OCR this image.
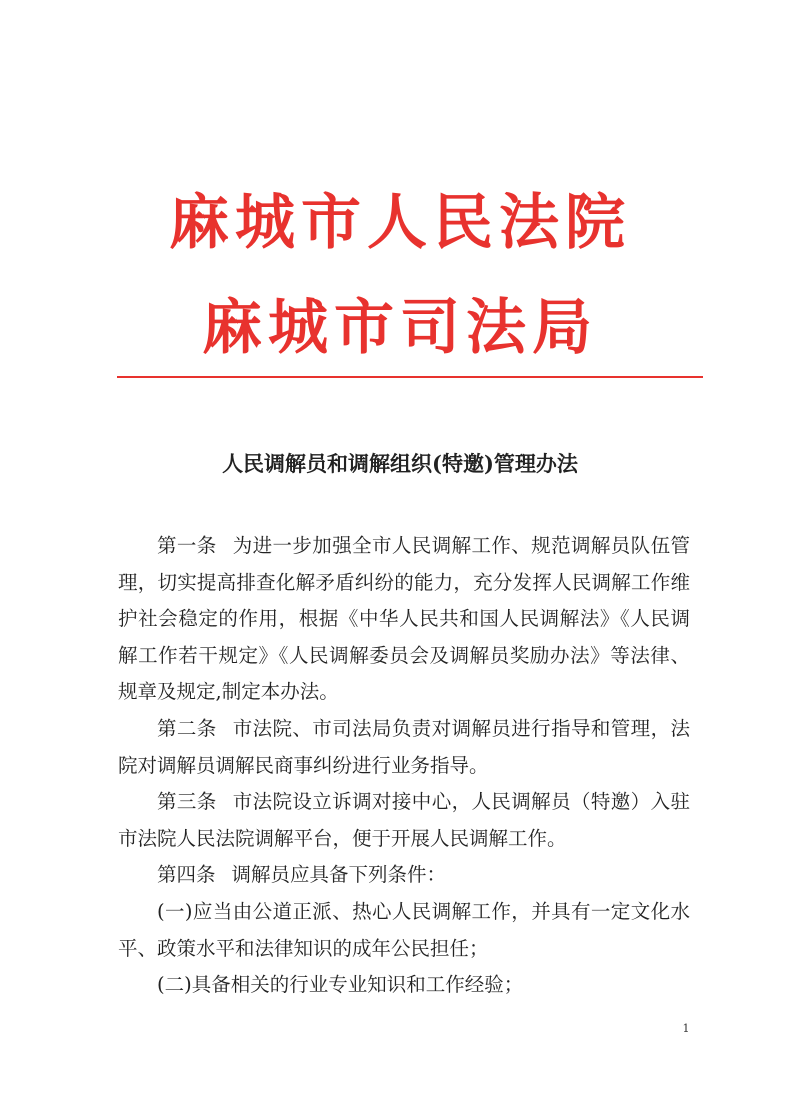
麻城市人民法院
麻城市司法局
人民调解员和调解组织(特邀)管理办法

第一条 为进一步加强全市人民调解工作、规范调解员队伍管理，切实提高排查化解矛盾纠纷的能力，充分发挥人民调解工作维护社会稳定的作用，根据《中华人民共和国人民调解法》《人民调解工作若干规定》《人民调解委员会及调解员奖励办法》等法律、规章及规定,制定本办法。

第二条 市法院、市司法局负责对调解员进行指导和管理，法院对调解员调解民商事纠纷进行业务指导。

第三条 市法院设立诉调对接中心，人民调解员（特邀）入驻市法院人民法院调解平台，便于开展人民调解工作。

第四条 调解员应具备下列条件：

(一)应当由公道正派、热心人民调解工作，并具有一定文化水平、政策水平和法律知识的成年公民担任；

(二)具备相关的行业专业知识和工作经验；

1
